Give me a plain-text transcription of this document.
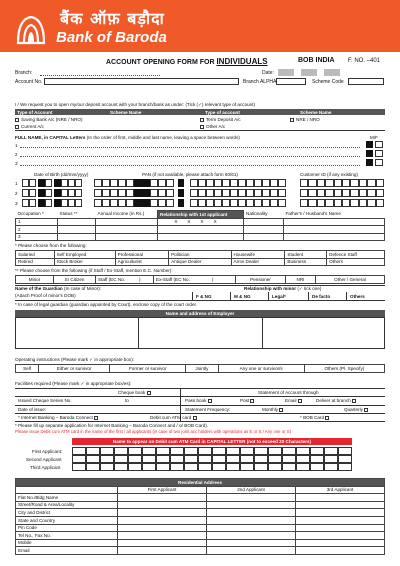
बैंक ऑफ़ बड़ौदा
Bank of Baroda
ACCOUNT OPENING FORM FOR INDIVIDUALS	BOB INDIA F. NO. –401
Branch:	Date:
Account No.	Branch ALPHA	Scheme Code
I / We request you to open my/our deposit account with your branch/bank as under: (Tick (✓) relevant type of account)
Type of Account	Scheme Name	Type of account	Scheme Name
Saving Bank A/c (NRE / NRO)
Current A/c
Term Deposit A/c
Other A/c
NRE / NRO
FULL NAME, in CAPITAL Letters (In the order of first, middle and last name, leaving a space between words)	M/F
1
2
3
Date of Birth (dd/mm/yyyy)	PAN (if not available, please attach form 60/61)	Customer ID (if any existing)
1
2
3
Occupation *	Status **	Annual Income (in Rs.)	Relationship with 1st applicant	Nationality	Father's / Husband's Name
1			XXXX		
2					
3					
* Please choose from the following:
Salaried	Self Employed	Professional	Politician	Housewife	Student	Defence Staff
Retired	Stock Broker	Agriculturist	Antique Dealer	Arms Dealer	Business	Others
** Please choose from the following (if Staff / Ex-Staff, mention E.C. Number):
Minor	Sr Citizen	Staff (EC No.	)	Ex-Staff (EC No.	)	Pensioner	NRI	Other / General
Name of the Guardian (In case of Minor):	Relationship with minor (✓ tick one)
(Attach Proof of minor's DOB)	F & NG	M & NG	Legal*	De facto	Others
* In case of legal guardian (guardian appointed by Court), enclose copy of the court order.
Name and address of Employer
Operating instructions (Please mark ✓ in appropriate box):
Self	Either or survivor	Former or survivor	Jointly	Any one or survivor/s	Others (Pl. Specify)
Facilities required (Please mark ✓ in appropriate box/es):
Cheque book	Statement of Account through
Issued Cheque Series No.	to	Pass book	Post	Email	Deliver at branch
Date of issue:	Statement Frequency:	Monthly	Quarterly
* Internet Banking – Baroda Connect	Debit cum ATM card	* BOB Card
* Please fill up separate application for Internet Banking – Baroda Connect and / or BOB Card).
Please issue Debit cum ATM card in the name of the first / all applicants (in case of two joint acc holders with operations as E or S / Any one or S)
Name to appear on Debit cum ATM Card in CAPITAL LETTER (not to exceed 20 Characters)
First Applicant:
Second Applicant
Third Applicant
Residential Address			
	First Applicant	2nd Applicant	3rd Applicant
Flat No./Bldg Name			
Street/Road & Area/Locality			
City and District			
State and Country			
Pin Code			
Tel No., Fax No.			
Mobile			
Email			
